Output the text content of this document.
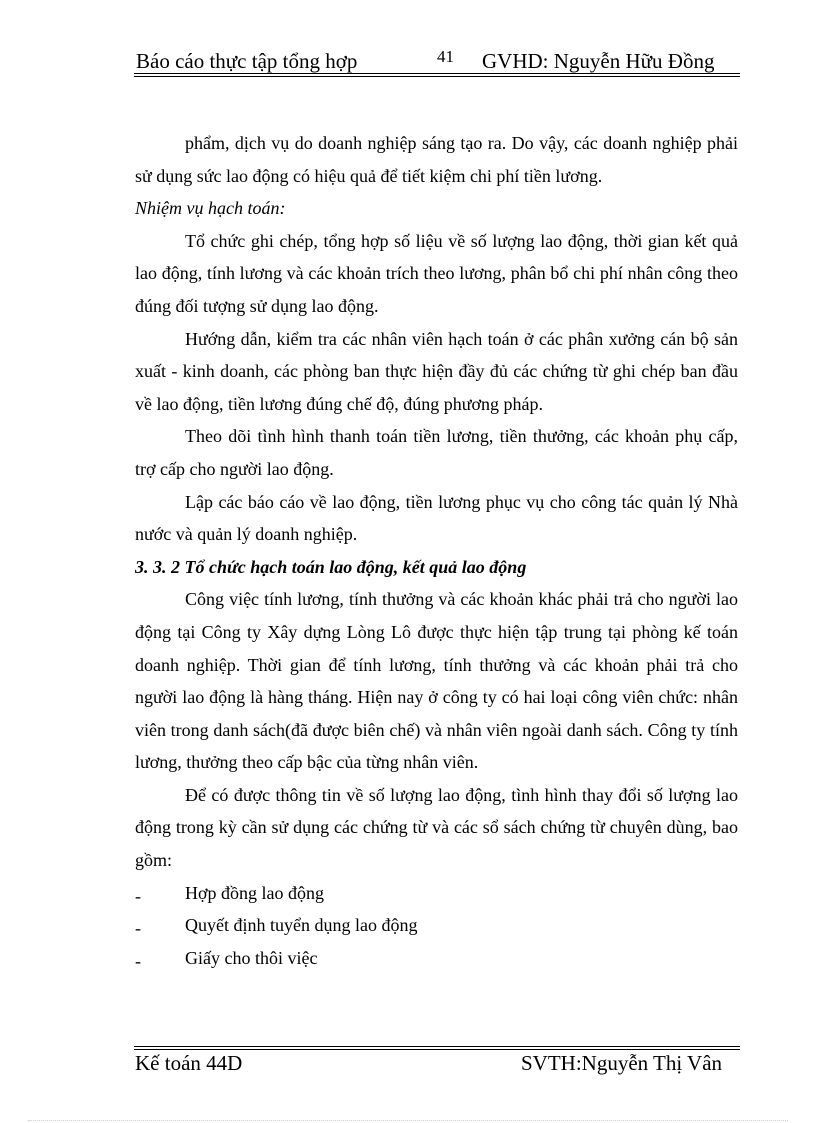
Báo cáo thực tập tổng hợp	41 GVHD: Nguyễn Hữu Đồng

phẩm, dịch vụ do doanh nghiệp sáng tạo ra. Do vậy, các doanh nghiệp phải sử dụng sức lao động có hiệu quả để tiết kiệm chi phí tiền lương.

Nhiệm vụ hạch toán:

Tổ chức ghi chép, tổng hợp số liệu về số lượng lao động, thời gian kết quả lao động, tính lương và các khoản trích theo lương, phân bổ chi phí nhân công theo đúng đối tượng sử dụng lao động.

Hướng dẫn, kiểm tra các nhân viên hạch toán ở các phân xưởng cán bộ sản xuất - kinh doanh, các phòng ban thực hiện đầy đủ các chứng từ ghi chép ban đầu về lao động, tiền lương đúng chế độ, đúng phương pháp.

Theo dõi tình hình thanh toán tiền lương, tiền thưởng, các khoản phụ cấp, trợ cấp cho người lao động.

Lập các báo cáo về lao động, tiền lương phục vụ cho công tác quản lý Nhà nước và quản lý doanh nghiệp.

3. 3. 2 Tổ chức hạch toán lao động, kết quả lao động

Công việc tính lương, tính thưởng và các khoản khác phải trả cho người lao động tại Công ty Xây dựng Lòng Lô được thực hiện tập trung tại phòng kế toán doanh nghiệp. Thời gian để tính lương, tính thưởng và các khoản phải trả cho người lao động là hàng tháng. Hiện nay ở công ty có hai loại công viên chức: nhân viên trong danh sách(đã được biên chế) và nhân viên ngoài danh sách. Công ty tính lương, thưởng theo cấp bậc của từng nhân viên.

Để có được thông tin về số lượng lao động, tình hình thay đổi số lượng lao động trong kỳ cần sử dụng các chứng từ và các sổ sách chứng từ chuyên dùng, bao gồm:

- Hợp đồng lao động

- Quyết định tuyển dụng lao động

- Giấy cho thôi việc

Kế toán 44D	SVTH:Nguyễn Thị Vân
